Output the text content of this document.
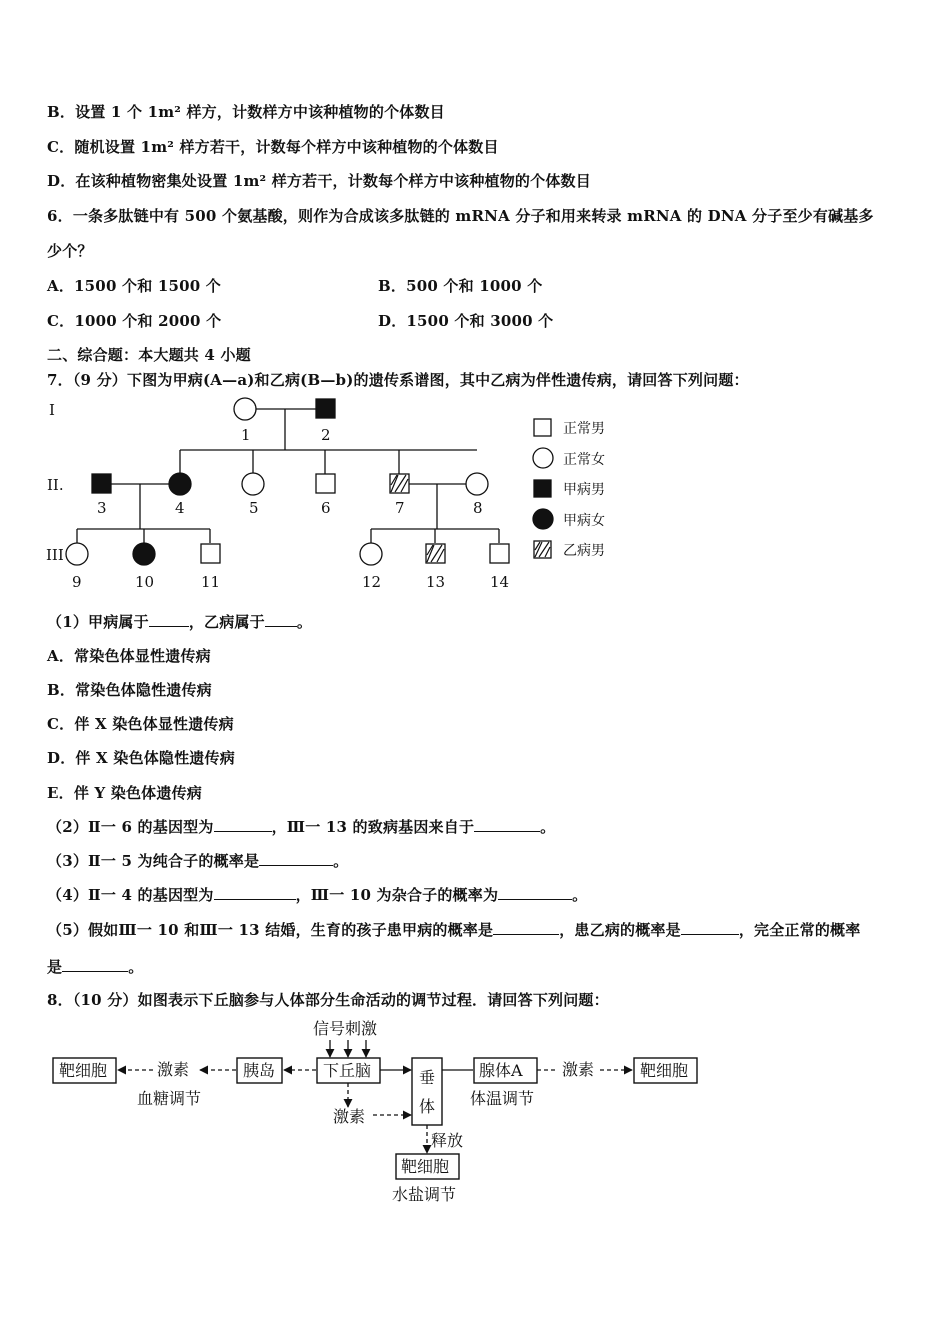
B．设置 1 个 1m² 样方，计数样方中该种植物的个体数目
C．随机设置 1m² 样方若干，计数每个样方中该种植物的个体数目
D．在该种植物密集处设置 1m² 样方若干，计数每个样方中该种植物的个体数目
6．一条多肽链中有 500 个氨基酸，则作为合成该多肽链的 mRNA 分子和用来转录 mRNA 的 DNA 分子至少有碱基多
少个？
A．1500 个和 1500 个	B．500 个和 1000 个
C．1000 个和 2000 个	D．1500 个和 3000 个
二、综合题：本大题共 4 小题
7．（9 分）下图为甲病(A—a)和乙病(B—b)的遗传系谱图，其中乙病为伴性遗传病，请回答下列问题：
I
II.
III
1	2
3	4	5	6	7	8
9	10	11	12	13	14
正常男
正常女
甲病男
甲病女
乙病男
（1）甲病属于	，乙病属于 。
A．常染色体显性遗传病
B．常染色体隐性遗传病
C．伴 X 染色体显性遗传病
D．伴 X 染色体隐性遗传病
E．伴 Y 染色体遗传病
（2）Ⅱ一 6 的基因型为	，Ⅲ一 13 的致病基因来自于	。
（3）Ⅱ一 5 为纯合子的概率是	。
（4）Ⅱ一 4 的基因型为	，Ⅲ一 10 为杂合子的概率为	。
（5）假如Ⅲ一 10 和Ⅲ一 13 结婚，生育的孩子患甲病的概率是	，患乙病的概率是	，完全正常的概率
是	。
8．（10 分）如图表示下丘脑参与人体部分生命活动的调节过程．请回答下列问题：
信号刺激
下丘脑
胰岛
激素
靶细胞
血糖调节
激素
垂
体
腺体A
体温调节
激素	靶细胞
释放
靶细胞
水盐调节
